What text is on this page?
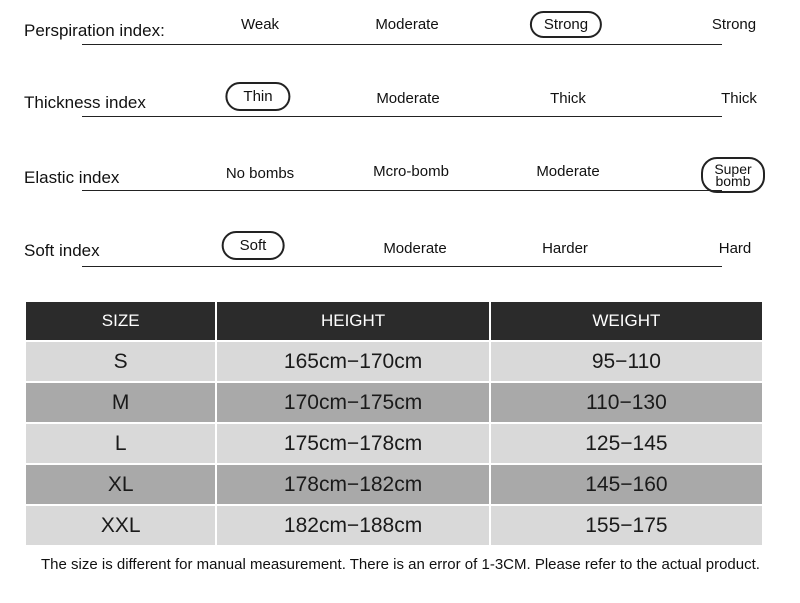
Perspiration index:	Weak	Moderate	Strong	Strong
Thickness index	Thin	Moderate	Thick	Thick
Elastic index	No bombs	Mcro-bomb	Moderate	Super bomb
Soft index	Soft	Moderate	Harder	Hard
SIZE	HEIGHT	WEIGHT
S	165cm−170cm	95−110
M	170cm−175cm	110−130
L	175cm−178cm	125−145
XL	178cm−182cm	145−160
XXL	182cm−188cm	155−175
The size is different for manual measurement. There is an error of 1-3CM. Please refer to the actual product.
